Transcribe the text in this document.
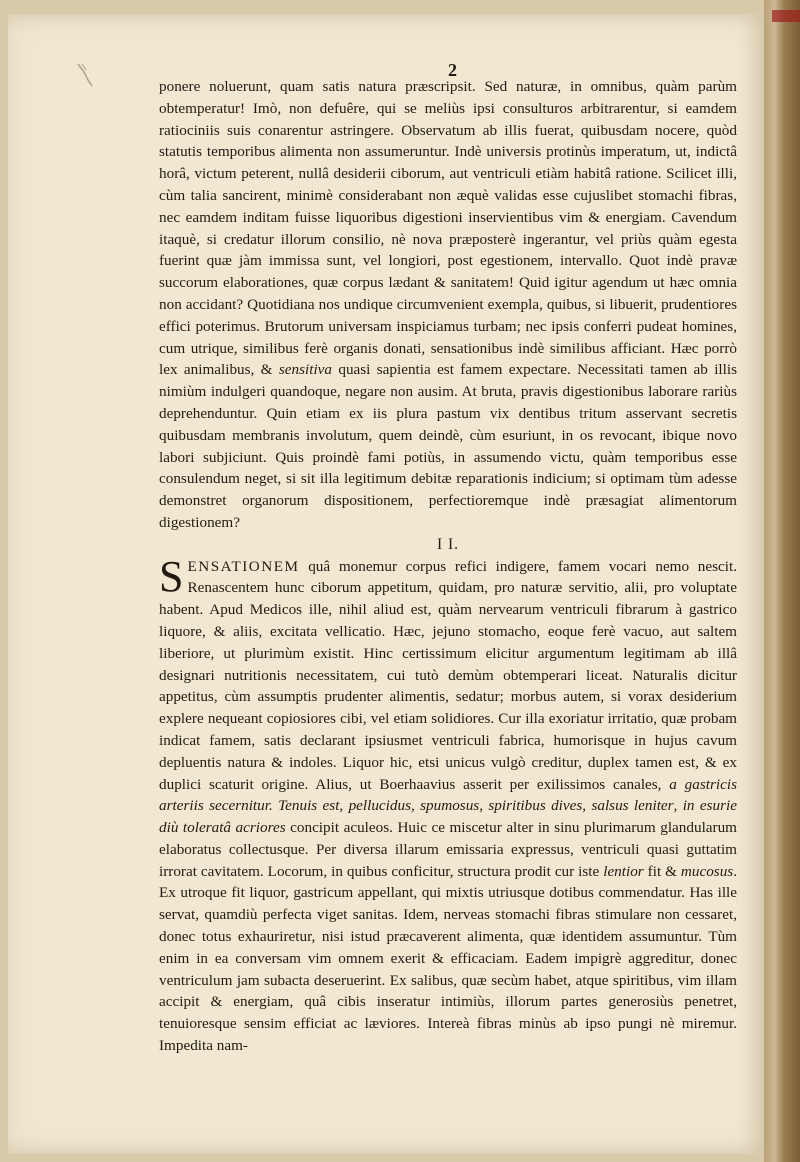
2

ponere noluerunt, quam satis natura præscripsit. Sed naturæ, in omnibus, quàm parùm obtemperatur! Imò, non defuêre, qui se meliùs ipsi consulturos arbitrarentur, si eamdem ratiociniis suis conarentur astringere. Observatum ab illis fuerat, quibusdam nocere, quòd statutis temporibus alimenta non assumeruntur. Indè universis protinùs imperatum, ut, indictâ horâ, victum peterent, nullâ desiderii ciborum, aut ventriculi etiàm habitâ ratione. Scilicet illi, cùm talia sancirent, minimè considerabant non æquè validas esse cujuslibet stomachi fibras, nec eamdem inditam fuisse liquoribus digestioni inservientibus vim & energiam. Cavendum itaquè, si credatur illorum consilio, nè nova præposterè ingerantur, vel priùs quàm egesta fuerint quæ jàm immissa sunt, vel longiori, post egestionem, intervallo. Quot indè pravæ succorum elaborationes, quæ corpus lædant & sanitatem! Quid igitur agendum ut hæc omnia non accidant? Quotidiana nos undique circumvenient exempla, quibus, si libuerit, prudentiores effici poterimus. Brutorum universam inspiciamus turbam; nec ipsis conferri pudeat homines, cum utrique, similibus ferè organis donati, sensationibus indè similibus afficiant. Hæc porrò lex animalibus, & sensitiva quasi sapientia est famem expectare. Necessitati tamen ab illis nimiùm indulgeri quandoque, negare non ausim. At bruta, pravis digestionibus laborare rariùs deprehenduntur. Quin etiam ex iis plura pastum vix dentibus tritum asservant secretis quibusdam membranis involutum, quem deindè, cùm esuriunt, in os revocant, ibique novo labori subjiciunt. Quis proindè fami potiùs, in assumendo victu, quàm temporibus esse consulendum neget, si sit illa legitimum debitæ reparationis indicium; si optimam tùm adesse demonstret organorum dispositionem, perfectioremque indè præsagiat alimentorum digestionem?

I I.

SENSATIONEM quâ monemur corpus refici indigere, famem vocari nemo nescit. Renascentem hunc ciborum appetitum, quidam, pro naturæ servitio, alii, pro voluptate habent. Apud Medicos ille, nihil aliud est, quàm nervearum ventriculi fibrarum à gastrico liquore, & aliis, excitata vellicatio. Hæc, jejuno stomacho, eoque ferè vacuo, aut saltem liberiore, ut plurimùm existit. Hinc certissimum elicitur argumentum legitimam ab illâ designari nutritionis necessitatem, cui tutò demùm obtemperari liceat. Naturalis dicitur appetitus, cùm assumptis prudenter alimentis, sedatur; morbus autem, si vorax desiderium explere nequeant copiosiores cibi, vel etiam solidiores. Cur illa exoriatur irritatio, quæ probam indicat famem, satis declarant ipsiusmet ventriculi fabrica, humorisque in hujus cavum depluentis natura & indoles. Liquor hic, etsi unicus vulgò creditur, duplex tamen est, & ex duplici scaturit origine. Alius, ut Boerhaavius asserit per exilissimos canales, a gastricis arteriis secernitur. Tenuis est, pellucidus, spumosus, spiritibus dives, salsus leniter, in esurie diù toleratâ acriores concipit aculeos. Huic ce miscetur alter in sinu plurimarum glandularum elaboratus collectusque. Per diversa illarum emissaria expressus, ventriculi quasi guttatim irrorat cavitatem. Locorum, in quibus conficitur, structura prodit cur iste lentior fit & mucosus. Ex utroque fit liquor, gastricum appellant, qui mixtis utriusque dotibus commendatur. Has ille servat, quamdiù perfecta viget sanitas. Idem, nerveas stomachi fibras stimulare non cessaret, donec totus exhauriretur, nisi istud præcaverent alimenta, quæ identidem assumuntur. Tùm enim in ea conversam vim omnem exerit & efficaciam. Eadem impigrè aggreditur, donec ventriculum jam subacta deseruerint. Ex salibus, quæ secùm habet, atque spiritibus, vim illam accipit & energiam, quâ cibis inseratur intimiùs, illorum partes generosiùs penetret, tenuioresque sensim efficiat ac læviores. Intereà fibras minùs ab ipso pungi nè miremur. Impedita nam-
